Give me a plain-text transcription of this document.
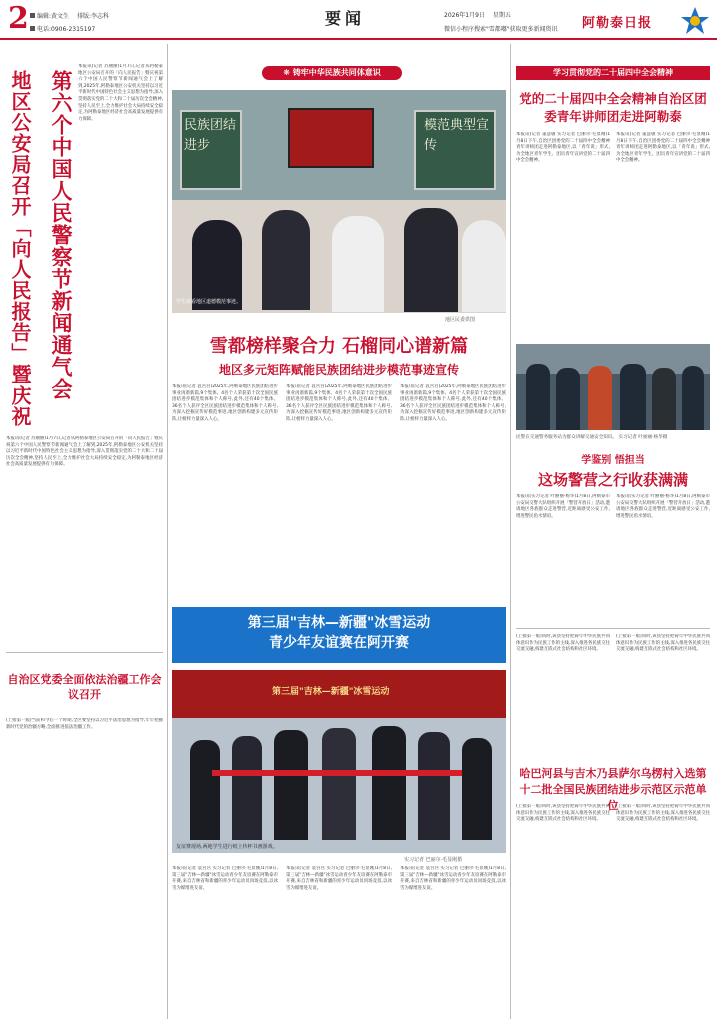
2	编辑:黄文生 排版:李志科
电话:0906-2315197
要闻	2026年1月9日 星期五
微信小程序搜索"雪都嘟"获取更多新闻资讯 阿勒泰日报
第六个中国人民警察节新闻通气会
地区公安局召开「向人民报告」暨庆祝
本报讯(记者 苏丽丽)1月7日,记者从阿勒泰地区公安局召开的「向人民报告」暨庆祝第六个中国人民警察节新闻通气会上了解到,2025年,阿勒泰地区公安机关坚持以习近平新时代中国特色社会主义思想为指导,深入贯彻落实党的二十大和二十届历次全会精神,坚持人民至上,全力维护社会大局持续安全稳定,为阿勒泰地区经济社会高质量发展提供有力保障。
本报讯(记者 苏丽丽)1月7日,记者从阿勒泰地区公安局召开的「向人民报告」暨庆祝第六个中国人民警察节新闻通气会上了解到,2025年,阿勒泰地区公安机关坚持以习近平新时代中国特色社会主义思想为指导,深入贯彻落实党的二十大和二十届历次全会精神,坚持人民至上,全力维护社会大局持续安全稳定,为阿勒泰地区经济社会高质量发展提供有力保障。
自治区党委全面依法治疆工作会议召开
(上接第一版)当前和今后一个时期,全区要坚持以习近平法治思想为指导,牢牢把握新时代党的治疆方略,全面推进依法治疆工作。
❋ 铸牢中华民族共同体意识
民族团结进步
模范典型宣传
学生观看地区道德模范事迹。
地区民委供图
雪都榜样聚合力 石榴同心谱新篇
地区多元矩阵赋能民族团结进步模范事迹宣传
本报讯(记者 袁宫宫)2025年,阿勒泰地区民族团结进步事业再谱新篇,9个集体、4名个人荣获第十次全国民族团结进步模范集体和个人称号,此外,还有40个集体、36名个人获评全区民族团结进步模范集体和个人称号,为深入挖掘宣传好模范事迹,地区创新构建多元宣传矩阵,让榜样力量深入人心。
本报讯(记者 袁宫宫)2025年,阿勒泰地区民族团结进步事业再谱新篇,9个集体、4名个人荣获第十次全国民族团结进步模范集体和个人称号,此外,还有40个集体、36名个人获评全区民族团结进步模范集体和个人称号,为深入挖掘宣传好模范事迹,地区创新构建多元宣传矩阵,让榜样力量深入人心。
本报讯(记者 袁宫宫)2025年,阿勒泰地区民族团结进步事业再谱新篇,9个集体、4名个人荣获第十次全国民族团结进步模范集体和个人称号,此外,还有40个集体、36名个人获评全区民族团结进步模范集体和个人称号,为深入挖掘宣传好模范事迹,地区创新构建多元宣传矩阵,让榜样力量深入人心。
第三届"吉林—新疆"冰雪运动
青少年友谊赛在阿开赛
第三届"吉林—新疆"冰雪运动
友谊赛现场,两地学生进行纸上传杯书画游戏。
实习记者 巴丽尔·毛显刚摄
本报讯(记者 袁宫宫 实习记者 巴丽尔·毛显刚)1月8日,第三届"吉林—新疆"冰雪运动青少年友谊赛在阿勒泰市开赛,来自吉林省和新疆的青少年运动员同场竞技,以冰雪为媒增进友谊。
本报讯(记者 袁宫宫 实习记者 巴丽尔·毛显刚)1月8日,第三届"吉林—新疆"冰雪运动青少年友谊赛在阿勒泰市开赛,来自吉林省和新疆的青少年运动员同场竞技,以冰雪为媒增进友谊。
本报讯(记者 袁宫宫 实习记者 巴丽尔·毛显刚)1月8日,第三届"吉林—新疆"冰雪运动青少年友谊赛在阿勒泰市开赛,来自吉林省和新疆的青少年运动员同场竞技,以冰雪为媒增进友谊。
学习贯彻党的二十届四中全会精神
党的二十届四中全会精神自治区团委青年讲师团走进阿勒泰
本报讯(记者 董慧敏 实习记者 巴丽尔·毛显刚)1月8日下午,自治区团委党的二十届四中全会精神青年讲师团走进阿勒泰地区,以「青年说」形式,为全地区青年学生、团员青年宣讲党的二十届四中全会精神。
本报讯(记者 董慧敏 实习记者 巴丽尔·毛显刚)1月8日下午,自治区团委党的二十届四中全会精神青年讲师团走进阿勒泰地区,以「青年说」形式,为全地区青年学生、团员青年宣讲党的二十届四中全会精神。
民警在交通警务服务站为群众讲解交通安全知识。 实习记者 叶丽丽·杨华摄
学鉴别 悟担当
这场警营之行收获满满
本报讯(实习记者 叶丽丽·杨华)1月8日,阿勒泰市公安局交警大队组织开展「警营开放日」活动,邀请地区各族群众走进警营,近距离感受公安工作,增进警民鱼水情谊。
本报讯(实习记者 叶丽丽·杨华)1月8日,阿勒泰市公安局交警大队组织开展「警营开放日」活动,邀请地区各族群众走进警营,近距离感受公安工作,增进警民鱼水情谊。
(上接第一版)同时,该县坚持把铸牢中华民族共同体意识作为民族工作的主线,深入推进各民族交往交流交融,构建互嵌式社会结构和社区环境。
(上接第一版)同时,该县坚持把铸牢中华民族共同体意识作为民族工作的主线,深入推进各民族交往交流交融,构建互嵌式社会结构和社区环境。
哈巴河县与吉木乃县萨尔乌楞村入选第十二批全国民族团结进步示范区示范单位
(上接第一版)同时,该县坚持把铸牢中华民族共同体意识作为民族工作的主线,深入推进各民族交往交流交融,构建互嵌式社会结构和社区环境。
(上接第一版)同时,该县坚持把铸牢中华民族共同体意识作为民族工作的主线,深入推进各民族交往交流交融,构建互嵌式社会结构和社区环境。
